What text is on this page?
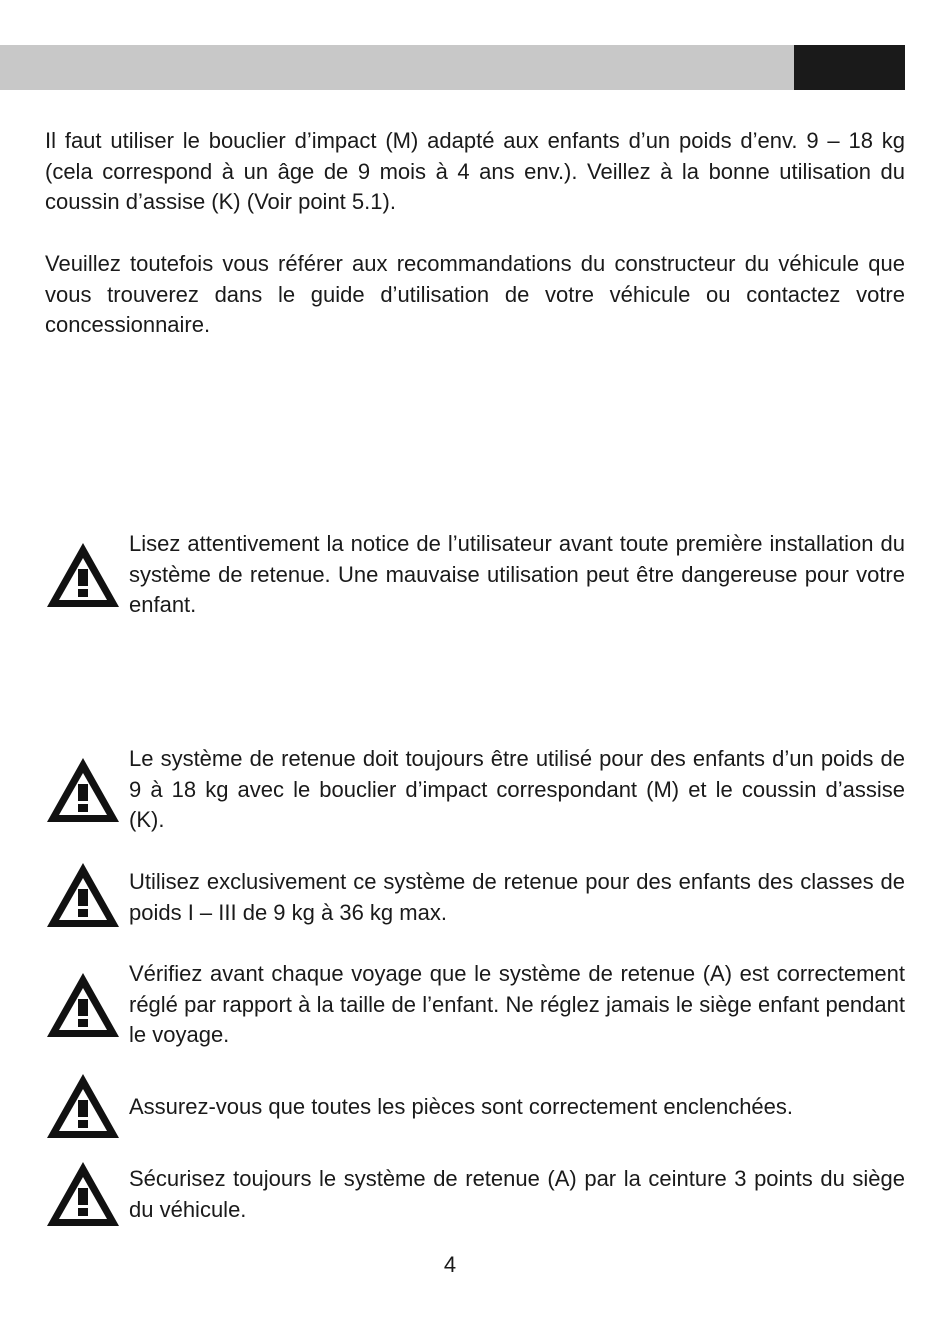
Il faut utiliser le bouclier d’impact (M) adapté aux enfants d’un poids d’env. 9 – 18 kg (cela correspond à un âge de 9 mois à 4 ans env.). Veillez à la bonne utilisation du coussin d’assise (K) (Voir point 5.1).

Veuillez toutefois vous référer aux recommandations du constructeur du véhicule que vous trouverez dans le guide d’utilisation de votre véhicule ou contactez votre concessionnaire.

Lisez attentivement la notice de l’utilisateur avant toute première installation du système de retenue. Une mauvaise utilisation peut être dangereuse pour votre enfant.

Le système de retenue doit toujours être utilisé pour des enfants d’un poids de 9 à 18 kg avec le bouclier d’impact correspondant (M) et le coussin d’assise (K).

Utilisez exclusivement ce système de retenue pour des enfants des classes de poids I – III de 9 kg à 36 kg max.

Vérifiez avant chaque voyage que le système de retenue (A) est correctement réglé par rapport à la taille de l’enfant. Ne réglez jamais le siège enfant pendant le voyage.

Assurez-vous que toutes les pièces sont correctement enclenchées.

Sécurisez toujours le système de retenue (A) par la ceinture 3 points du siège du véhicule.

4
